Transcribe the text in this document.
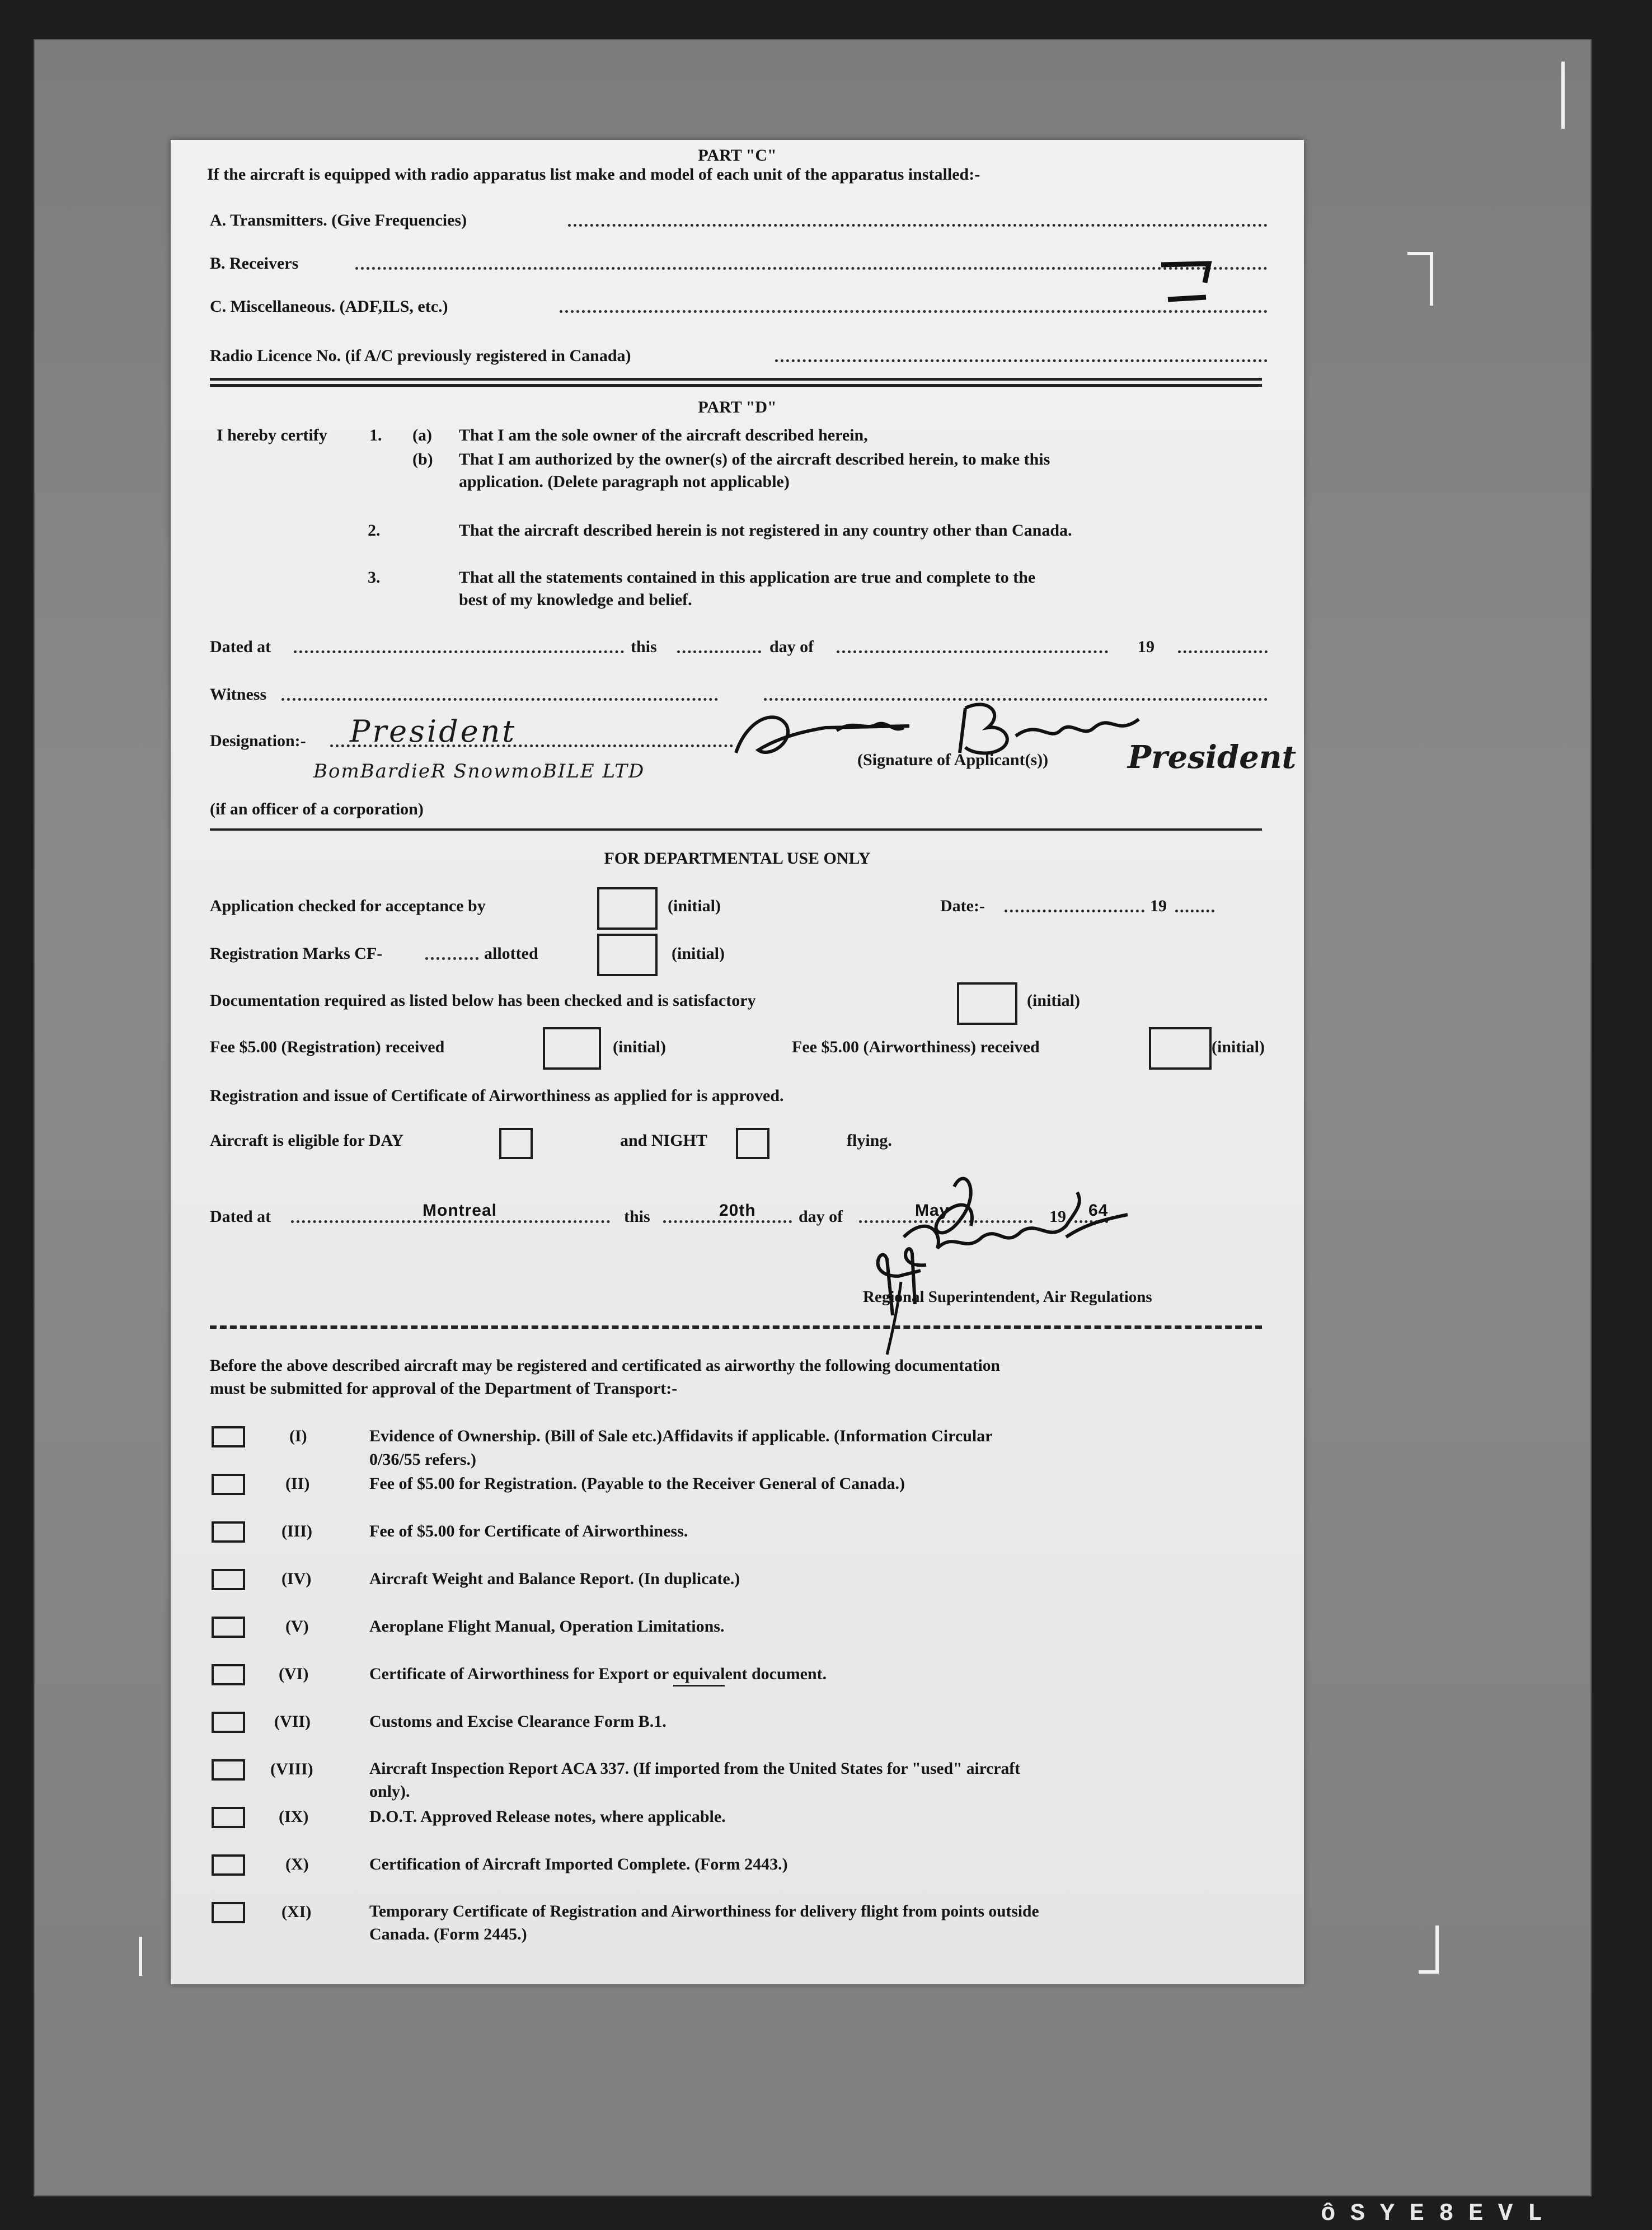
PART "C"
If the aircraft is equipped with radio apparatus list make and model of each unit of the apparatus installed:-
A. Transmitters. (Give Frequencies)
B. Receivers
C. Miscellaneous. (ADF,ILS, etc.)
Radio Licence No. (if A/C previously registered in Canada)
PART "D"
I hereby certify	1. (a) That I am the sole owner of the aircraft described herein,
(b) That I am authorized by the owner(s) of the aircraft described herein, to make this
application. (Delete paragraph not applicable)
2.	That the aircraft described herein is not registered in any country other than Canada.
3.	That all the statements contained in this application are true and complete to the
best of my knowledge and belief.
Dated at	this	day of	19
Witness
Designation:- President
BomBardieR SnowmoBILE LTD
(Signature of Applicant(s))	President
(if an officer of a corporation)
FOR DEPARTMENTAL USE ONLY
Application checked for acceptance by	(initial)	Date:-	19
Registration Marks CF-	allotted	(initial)
Documentation required as listed below has been checked and is satisfactory	(initial)
Fee $5.00 (Registration) received	(initial)	Fee $5.00 (Airworthiness) received	(initial)
Registration and issue of Certificate of Airworthiness as applied for is approved.
Aircraft is eligible for DAY	and NIGHT	flying.
Dated at	Montreal	this	20th	day of	May	19 64
Regional Superintendent, Air Regulations
Before the above described aircraft may be registered and certificated as airworthy the following documentation
must be submitted for approval of the Department of Transport:-
(I)	Evidence of Ownership. (Bill of Sale etc.)Affidavits if applicable. (Information Circular
0/36/55 refers.)
(II)	Fee of $5.00 for Registration. (Payable to the Receiver General of Canada.)
(III)	Fee of $5.00 for Certificate of Airworthiness.
(IV)	Aircraft Weight and Balance Report. (In duplicate.)
(V)	Aeroplane Flight Manual, Operation Limitations.
(VI)	Certificate of Airworthiness for Export or equivalent document.
(VII)	Customs and Excise Clearance Form B.1.
(VIII)	Aircraft Inspection Report ACA 337. (If imported from the United States for "used" aircraft
only).
(IX)	D.O.T. Approved Release notes, where applicable.
(X)	Certification of Aircraft Imported Complete. (Form 2443.)
(XI)	Temporary Certificate of Registration and Airworthiness for delivery flight from points outside
Canada. (Form 2445.)
ô S Y E 8 E V L
